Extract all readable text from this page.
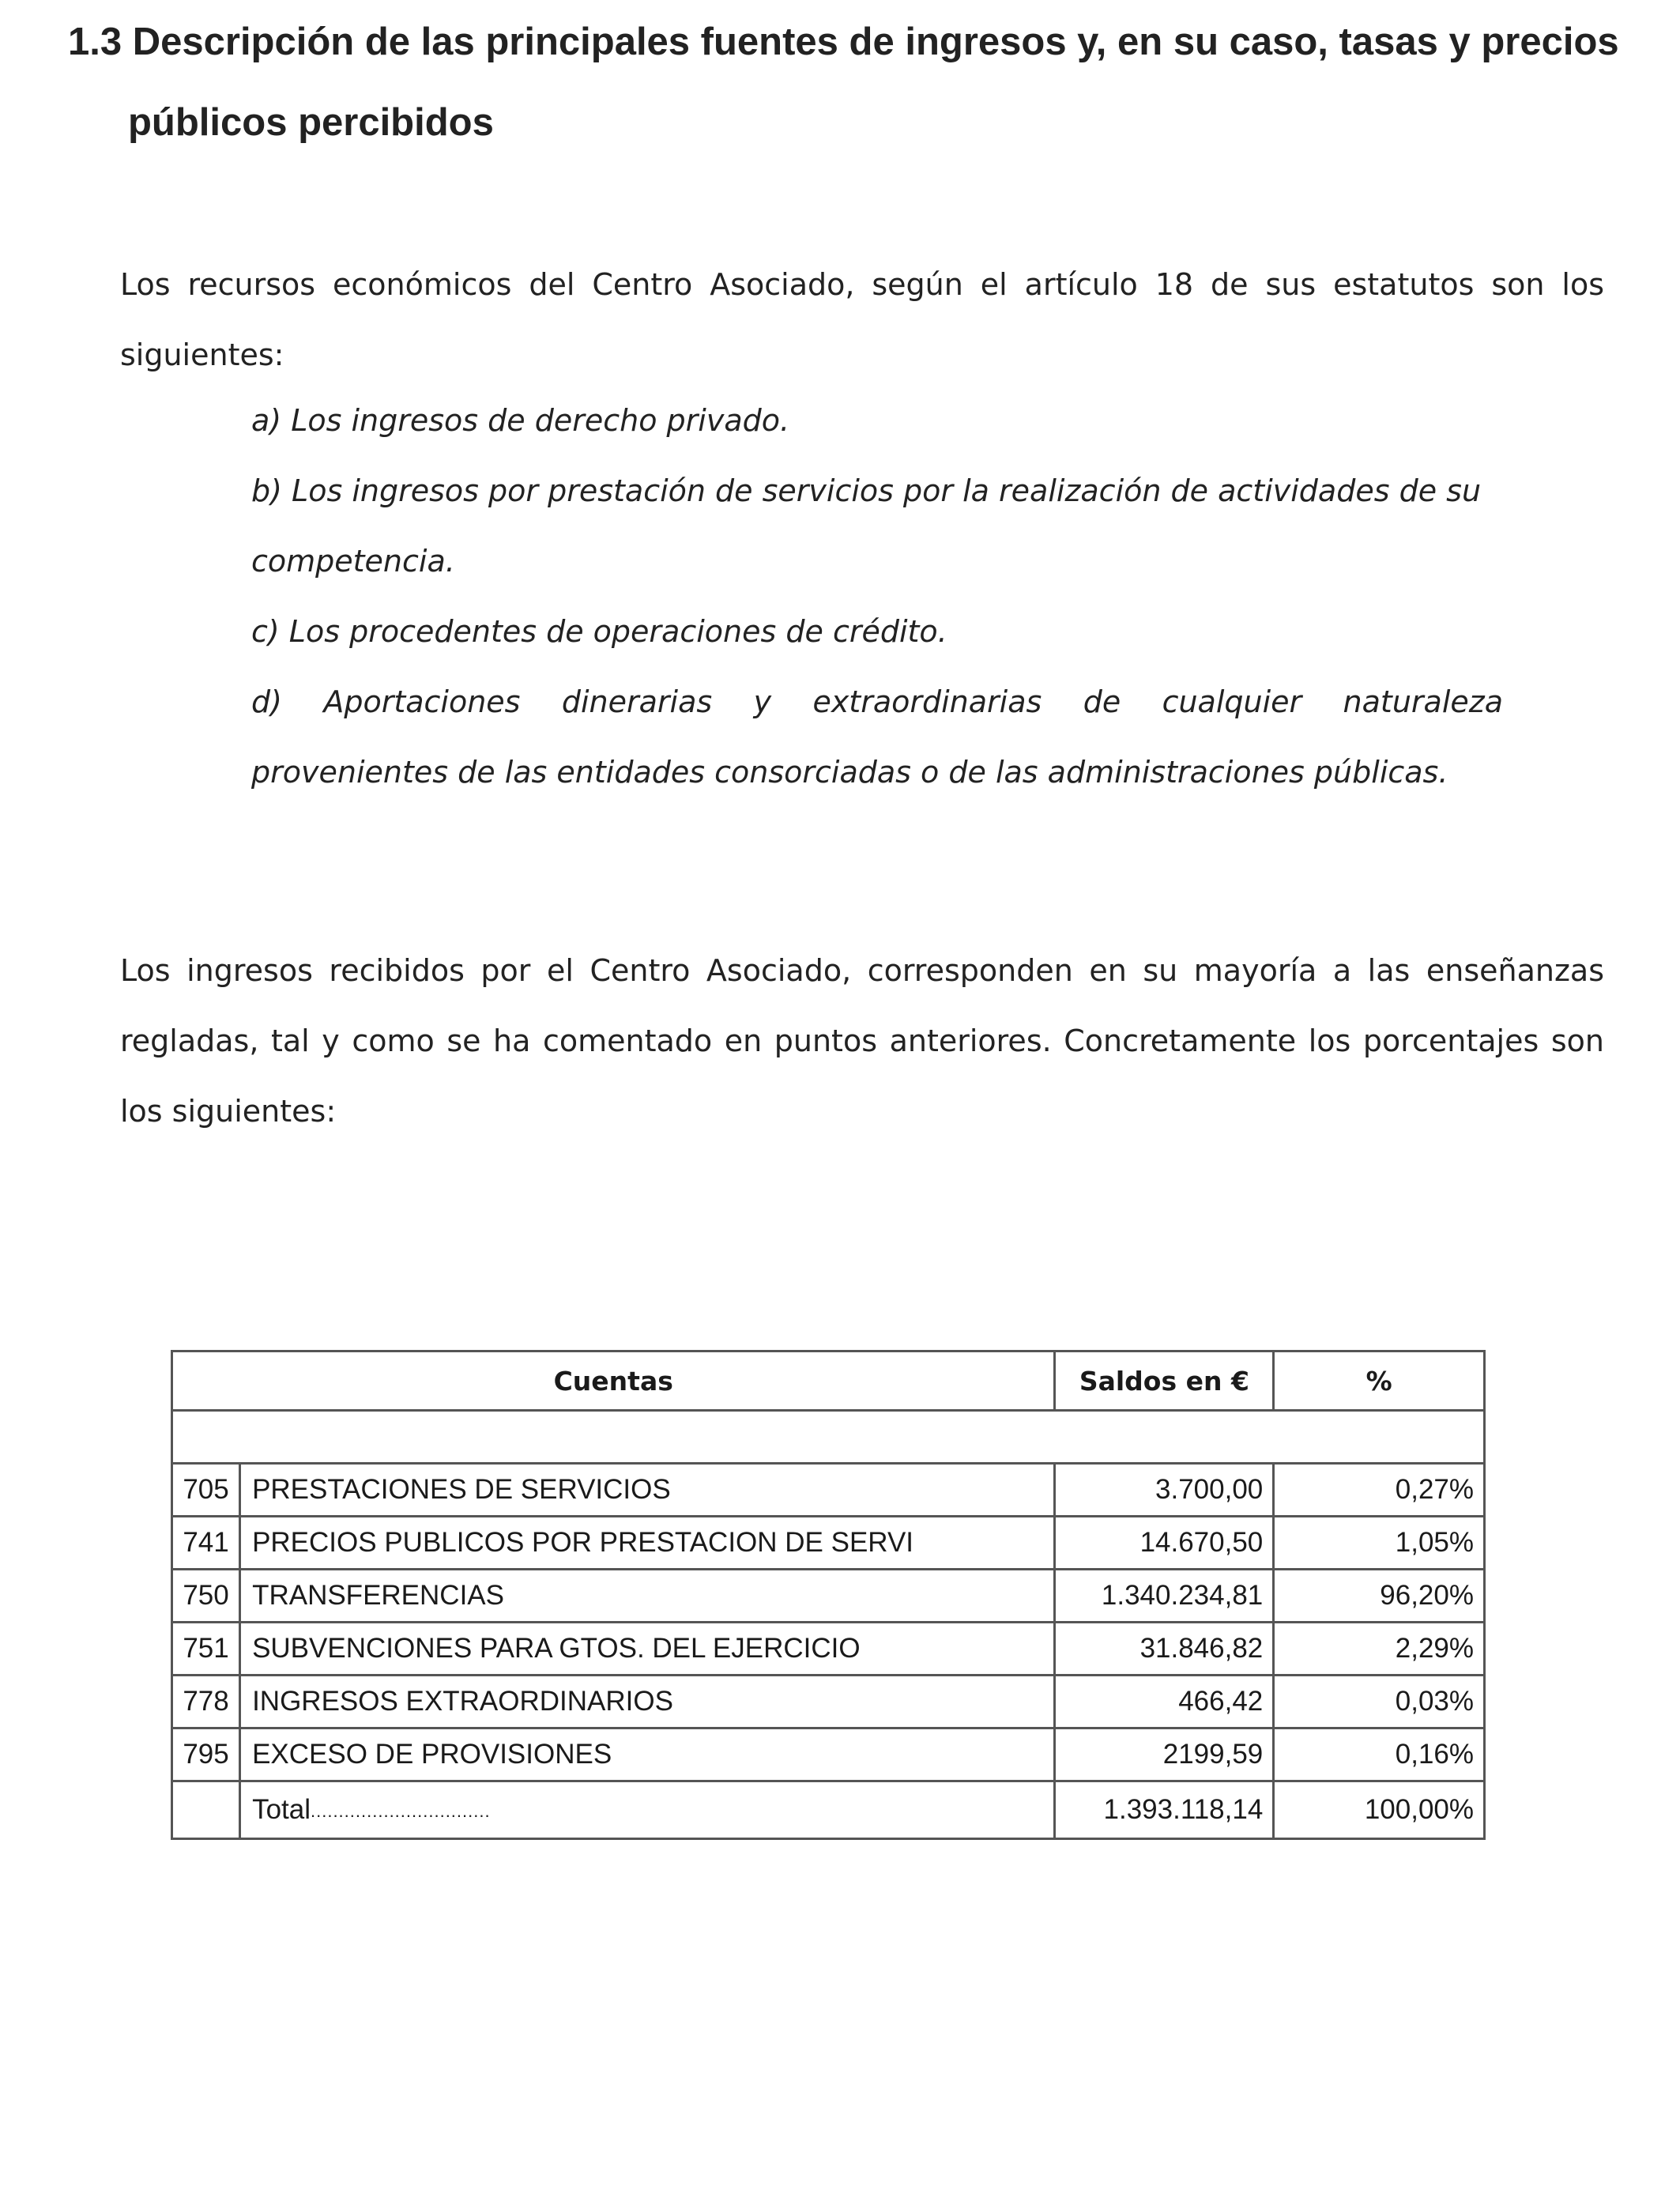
1.3 Descripción de las principales fuentes de ingresos y, en su caso, tasas y precios
públicos percibidos
Los recursos económicos del Centro Asociado, según el artículo 18 de sus estatutos son los
siguientes:
a) Los ingresos de derecho privado.
b) Los ingresos por prestación de servicios por la realización de actividades de su
competencia.
c) Los procedentes de operaciones de crédito.
d) Aportaciones dinerarias y extraordinarias de cualquier naturaleza
provenientes de las entidades consorciadas o de las administraciones públicas.
Los ingresos recibidos por el Centro Asociado, corresponden en su mayoría a las enseñanzas
regladas, tal y como se ha comentado en puntos anteriores. Concretamente los porcentajes son
los siguientes:
Cuentas		Saldos en €	%

705	PRESTACIONES DE SERVICIOS	3.700,00	0,27%
741	PRECIOS PUBLICOS POR PRESTACION DE SERVI	14.670,50	1,05%
750	TRANSFERENCIAS	1.340.234,81	96,20%
751	SUBVENCIONES PARA GTOS. DEL EJERCICIO	31.846,82	2,29%
778	INGRESOS EXTRAORDINARIOS	466,42	0,03%
795	EXCESO DE PROVISIONES	2199,59	0,16%
	Total................................	1.393.118,14	100,00%
